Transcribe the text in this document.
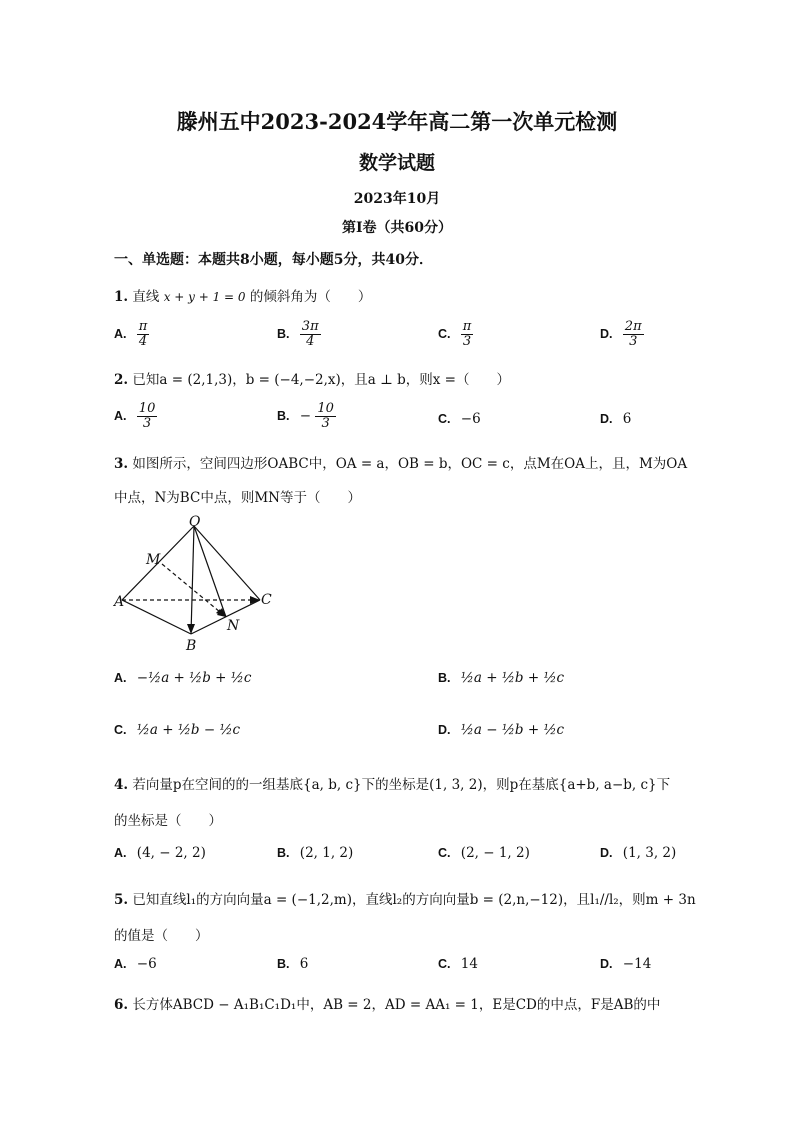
滕州五中2023-2024学年高二第一次单元检测
数学试题
2023年10月
第Ⅰ卷（共60分）
一、单选题：本题共8小题，每小题5分，共40分．
1. 直线 x + y + 1 = 0 的倾斜角为（　　）
A. $\frac{\pi}{4}$	B. $\frac{3\pi}{4}$	C. $\frac{\pi}{3}$	D. $\frac{2\pi}{3}$
2. 已知a = (2,1,3)，b = (−4,−2,x)，且a ⊥ b，则x =（　　）
A. $\frac{10}{3}$	B. − $\frac{10}{3}$	C. −6	D. 6
3. 如图所示，空间四边形OABC中，OA = a，OB = b，OC = c，点M在OA上，且，M为OA
中点，N为BC中点，则MN等于（　　）
O
M
A
B
C
N
A. −½a + ½b + ½c	B. ½a + ½b + ½c
C. ½a + ½b − ½c	D. ½a − ½b + ½c
4. 若向量p在空间的的一组基底{a, b, c}下的坐标是(1, 3, 2)，则p在基底{a+b, a−b, c}下
的坐标是（　　）
A. (4, − 2, 2)	B. (2, 1, 2)	C. (2, − 1, 2)	D. (1, 3, 2)
5. 已知直线l₁的方向向量a = (−1,2,m)，直线l₂的方向向量b = (2,n,−12)，且l₁//l₂，则m + 3n
的值是（　　）
A. −6	B. 6	C. 14	D. −14
6. 长方体ABCD − A₁B₁C₁D₁中，AB = 2，AD = AA₁ = 1，E是CD的中点，F是AB的中
